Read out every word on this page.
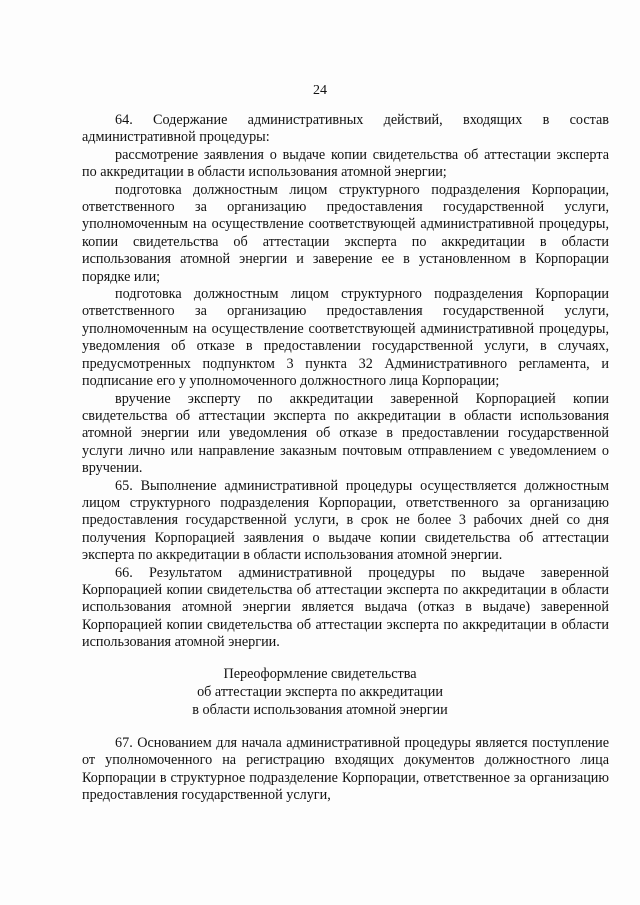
24

64. Содержание административных действий, входящих в состав административной процедуры:

рассмотрение заявления о выдаче копии свидетельства об аттестации эксперта по аккредитации в области использования атомной энергии;

подготовка должностным лицом структурного подразделения Корпорации, ответственного за организацию предоставления государственной услуги, уполномоченным на осуществление соответствующей административной процедуры, копии свидетельства об аттестации эксперта по аккредитации в области использования атомной энергии и заверение ее в установленном в Корпорации порядке или;

подготовка должностным лицом структурного подразделения Корпорации ответственного за организацию предоставления государственной услуги, уполномоченным на осуществление соответствующей административной процедуры, уведомления об отказе в предоставлении государственной услуги, в случаях, предусмотренных подпунктом 3 пункта 32 Административного регламента, и подписание его у уполномоченного должностного лица Корпорации;

вручение эксперту по аккредитации заверенной Корпорацией копии свидетельства об аттестации эксперта по аккредитации в области использования атомной энергии или уведомления об отказе в предоставлении государственной услуги лично или направление заказным почтовым отправлением с уведомлением о вручении.

65. Выполнение административной процедуры осуществляется должностным лицом структурного подразделения Корпорации, ответственного за организацию предоставления государственной услуги, в срок не более 3 рабочих дней со дня получения Корпорацией заявления о выдаче копии свидетельства об аттестации эксперта по аккредитации в области использования атомной энергии.

66. Результатом административной процедуры по выдаче заверенной Корпорацией копии свидетельства об аттестации эксперта по аккредитации в области использования атомной энергии является выдача (отказ в выдаче) заверенной Корпорацией копии свидетельства об аттестации эксперта по аккредитации в области использования атомной энергии.

Переоформление свидетельства
об аттестации эксперта по аккредитации
в области использования атомной энергии

67. Основанием для начала административной процедуры является поступление от уполномоченного на регистрацию входящих документов должностного лица Корпорации в структурное подразделение Корпорации, ответственное за организацию предоставления государственной услуги,
